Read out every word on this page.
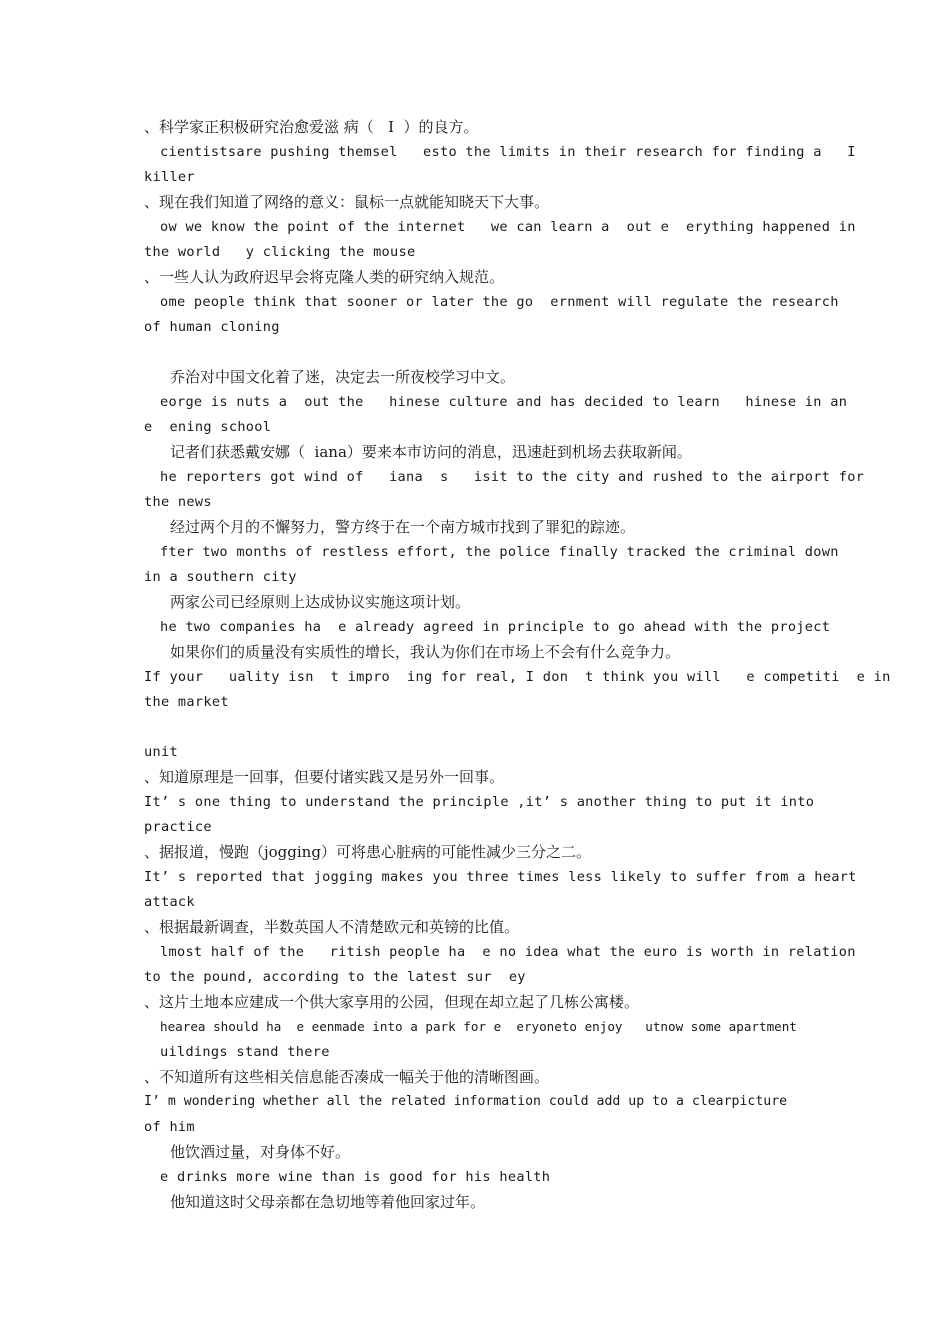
、科学家正积极研究治愈爱滋 病（   I  ）的良方。
cientistsare pushing themsel   esto the limits in their research for finding a   I
killer
、现在我们知道了网络的意义：鼠标一点就能知晓天下大事。
ow we know the point of the internet   we can learn a  out e  erything happened in
the world   y clicking the mouse
、一些人认为政府迟早会将克隆人类的研究纳入规范。
ome people think that sooner or later the go  ernment will regulate the research
of human cloning
乔治对中国文化着了迷，决定去一所夜校学习中文。
eorge is nuts a  out the   hinese culture and has decided to learn   hinese in an
e  ening school
记者们获悉戴安娜（  iana）要来本市访问的消息，迅速赶到机场去获取新闻。
he reporters got wind of   iana  s   isit to the city and rushed to the airport for
the news
经过两个月的不懈努力，警方终于在一个南方城市找到了罪犯的踪迹。
fter two months of restless effort, the police finally tracked the criminal down
in a southern city
两家公司已经原则上达成协议实施这项计划。
he two companies ha  e already agreed in principle to go ahead with the project
如果你们的质量没有实质性的增长，我认为你们在市场上不会有什么竞争力。
If your   uality isn  t impro  ing for real, I don  t think you will   e competiti  e in
the market
unit
、知道原理是一回事，但要付诸实践又是另外一回事。
It’ s one thing to understand the principle ,it’ s another thing to put it into
practice
、据报道，慢跑（jogging）可将患心脏病的可能性减少三分之二。
It’ s reported that jogging makes you three times less likely to suffer from a heart
attack
、根据最新调查，半数英国人不清楚欧元和英镑的比值。
lmost half of the   ritish people ha  e no idea what the euro is worth in relation
to the pound, according to the latest sur  ey
、这片土地本应建成一个供大家享用的公园，但现在却立起了几栋公寓楼。
hearea should ha  e eenmade into a park for e  eryoneto enjoy   utnow some apartment
uildings stand there
、不知道所有这些相关信息能否凑成一幅关于他的清晰图画。
I’ m wondering whether all the related information could add up to a clearpicture
of him
他饮酒过量，对身体不好。
e drinks more wine than is good for his health
他知道这时父母亲都在急切地等着他回家过年。
